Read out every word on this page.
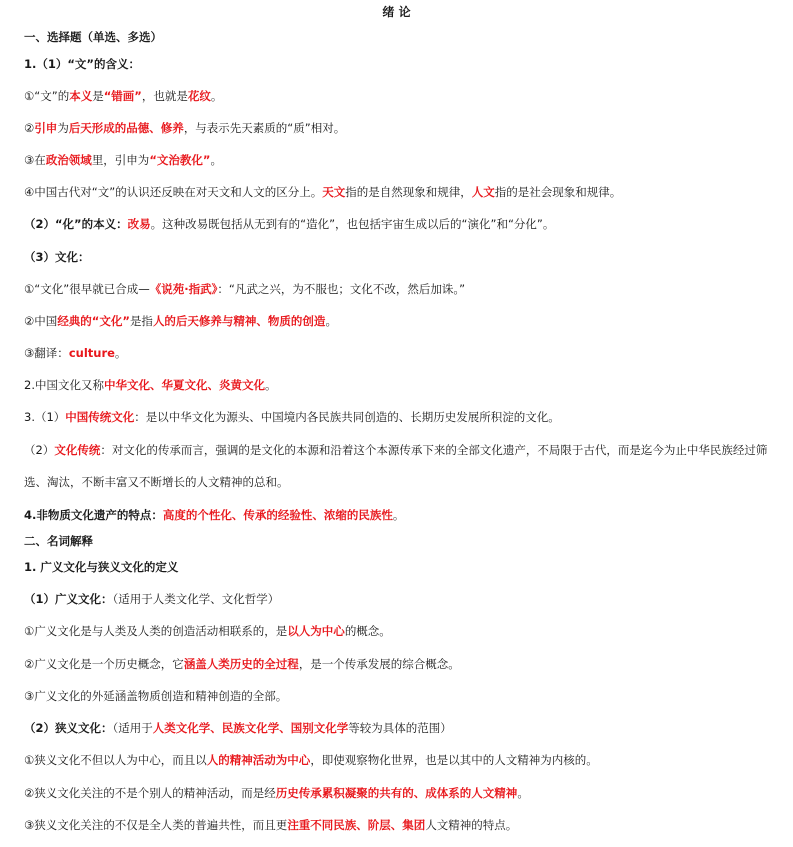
绪 论
一、选择题（单选、多选）
1.（1）“文”的含义：
①“文”的本义是“错画”，也就是花纹。
②引申为后天形成的品德、修养，与表示先天素质的“质”相对。
③在政治领域里，引申为“文治教化”。
④中国古代对“文”的认识还反映在对天文和人文的区分上。天文指的是自然现象和规律，人文指的是社会现象和规律。
（2）“化”的本义：改易。这种改易既包括从无到有的“造化”，也包括宇宙生成以后的“演化”和“分化”。
（3）文化：
①“文化”很早就已合成—《说苑·指武》：“凡武之兴，为不服也；文化不改，然后加诛。”
②中国经典的“文化”是指人的后天修养与精神、物质的创造。
③翻译：culture。
2.中国文化又称中华文化、华夏文化、炎黄文化。
3.（1）中国传统文化：是以中华文化为源头、中国境内各民族共同创造的、长期历史发展所积淀的文化。
（2）文化传统：对文化的传承而言，强调的是文化的本源和沿着这个本源传承下来的全部文化遗产，不局限于古代，而是迄今为止中华民族经过筛
选、淘汰，不断丰富又不断增长的人文精神的总和。
4.非物质文化遗产的特点：高度的个性化、传承的经验性、浓缩的民族性。
二、名词解释
1. 广义文化与狭义文化的定义
（1）广义文化：（适用于人类文化学、文化哲学）
①广义文化是与人类及人类的创造活动相联系的，是以人为中心的概念。
②广义文化是一个历史概念，它涵盖人类历史的全过程，是一个传承发展的综合概念。
③广义文化的外延涵盖物质创造和精神创造的全部。
（2）狭义文化：（适用于人类文化学、民族文化学、国别文化学等较为具体的范围）
①狭义文化不但以人为中心，而且以人的精神活动为中心，即使观察物化世界，也是以其中的人文精神为内核的。
②狭义文化关注的不是个别人的精神活动，而是经历史传承累积凝聚的共有的、成体系的人文精神。
③狭义文化关注的不仅是全人类的普遍共性，而且更注重不同民族、阶层、集团人文精神的特点。
